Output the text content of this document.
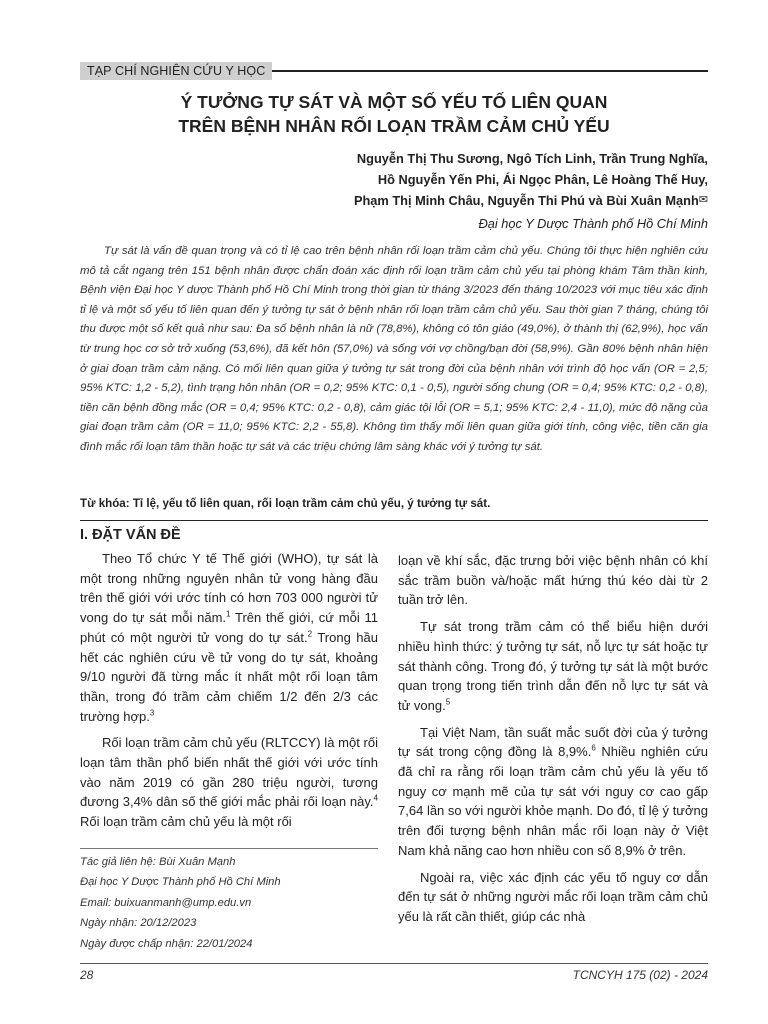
TẠP CHÍ NGHIÊN CỨU Y HỌC
Ý TƯỞNG TỰ SÁT VÀ MỘT SỐ YẾU TỐ LIÊN QUAN
TRÊN BỆNH NHÂN RỐI LOẠN TRẦM CẢM CHỦ YẾU
Nguyễn Thị Thu Sương, Ngô Tích Linh, Trần Trung Nghĩa,
Hồ Nguyễn Yến Phi, Ái Ngọc Phân, Lê Hoàng Thế Huy,
Phạm Thị Minh Châu, Nguyễn Thi Phú và Bùi Xuân Mạnh✉
Đại học Y Dược Thành phố Hồ Chí Minh

Tự sát là vấn đề quan trọng và có tỉ lệ cao trên bệnh nhân rối loạn trầm cảm chủ yếu. Chúng tôi thực hiện nghiên cứu mô tả cắt ngang trên 151 bệnh nhân được chẩn đoán xác định rối loạn trầm cảm chủ yếu tại phòng khám Tâm thần kinh, Bệnh viện Đại học Y dược Thành phố Hồ Chí Minh trong thời gian từ tháng 3/2023 đến tháng 10/2023 với mục tiêu xác định tỉ lệ và một số yếu tố liên quan đến ý tưởng tự sát ở bệnh nhân rối loạn trầm cảm chủ yếu. Sau thời gian 7 tháng, chúng tôi thu được một số kết quả như sau: Đa số bệnh nhân là nữ (78,8%), không có tôn giáo (49,0%), ở thành thị (62,9%), học vấn từ trung học cơ sở trở xuống (53,6%), đã kết hôn (57,0%) và sống với vợ chồng/bạn đời (58,9%). Gần 80% bệnh nhân hiện ở giai đoạn trầm cảm nặng. Có mối liên quan giữa ý tưởng tự sát trong đời của bệnh nhân với trình độ học vấn (OR = 2,5; 95% KTC: 1,2 - 5,2), tình trạng hôn nhân (OR = 0,2; 95% KTC: 0,1 - 0,5), người sống chung (OR = 0,4; 95% KTC: 0,2 - 0,8), tiền căn bệnh đồng mắc (OR = 0,4; 95% KTC: 0,2 - 0,8), cảm giác tội lỗi (OR = 5,1; 95% KTC: 2,4 - 11,0), mức độ nặng của giai đoạn trầm cảm (OR = 11,0; 95% KTC: 2,2 - 55,8). Không tìm thấy mối liên quan giữa giới tính, công việc, tiền căn gia đình mắc rối loạn tâm thần hoặc tự sát và các triệu chứng lâm sàng khác với ý tưởng tự sát.

Từ khóa: Tỉ lệ, yếu tố liên quan, rối loạn trầm cảm chủ yếu, ý tưởng tự sát.
I. ĐẶT VẤN ĐỀ

Theo Tổ chức Y tế Thế giới (WHO), tự sát là một trong những nguyên nhân tử vong hàng đầu trên thế giới với ước tính có hơn 703 000 người tử vong do tự sát mỗi năm.$^1$ Trên thế giới, cứ mỗi 11 phút có một người tử vong do tự sát.$^2$ Trong hầu hết các nghiên cứu về tử vong do tự sát, khoảng 9/10 người đã từng mắc ít nhất một rối loạn tâm thần, trong đó trầm cảm chiếm 1/2 đến 2/3 các trường hợp.$^3$

Rối loạn trầm cảm chủ yếu (RLTCCY) là một rối loạn tâm thần phổ biến nhất thế giới với ước tính vào năm 2019 có gần 280 triệu người, tương đương 3,4% dân số thế giới mắc phải rối loạn này.$^4$ Rối loạn trầm cảm chủ yếu là một rối

loạn về khí sắc, đặc trưng bởi việc bệnh nhân có khí sắc trầm buồn và/hoặc mất hứng thú kéo dài từ 2 tuần trở lên.

Tự sát trong trầm cảm có thể biểu hiện dưới nhiều hình thức: ý tưởng tự sát, nỗ lực tự sát hoặc tự sát thành công. Trong đó, ý tưởng tự sát là một bước quan trọng trong tiến trình dẫn đến nỗ lực tự sát và tử vong.$^5$

Tại Việt Nam, tần suất mắc suốt đời của ý tưởng tự sát trong cộng đồng là 8,9%.$^6$ Nhiều nghiên cứu đã chỉ ra rằng rối loạn trầm cảm chủ yếu là yếu tố nguy cơ mạnh mẽ của tự sát với nguy cơ cao gấp 7,64 lần so với người khỏe mạnh. Do đó, tỉ lệ ý tưởng trên đối tượng bệnh nhân mắc rối loạn này ở Việt Nam khả năng cao hơn nhiều con số 8,9% ở trên.

Ngoài ra, việc xác định các yếu tố nguy cơ dẫn đến tự sát ở những người mắc rối loạn trầm cảm chủ yếu là rất cần thiết, giúp các nhà

Tác giả liên hệ: Bùi Xuân Mạnh
Đại học Y Dược Thành phố Hồ Chí Minh
Email: buixuanmanh@ump.edu.vn
Ngày nhận: 20/12/2023
Ngày được chấp nhận: 22/01/2024
28	TCNCYH 175 (02) - 2024
